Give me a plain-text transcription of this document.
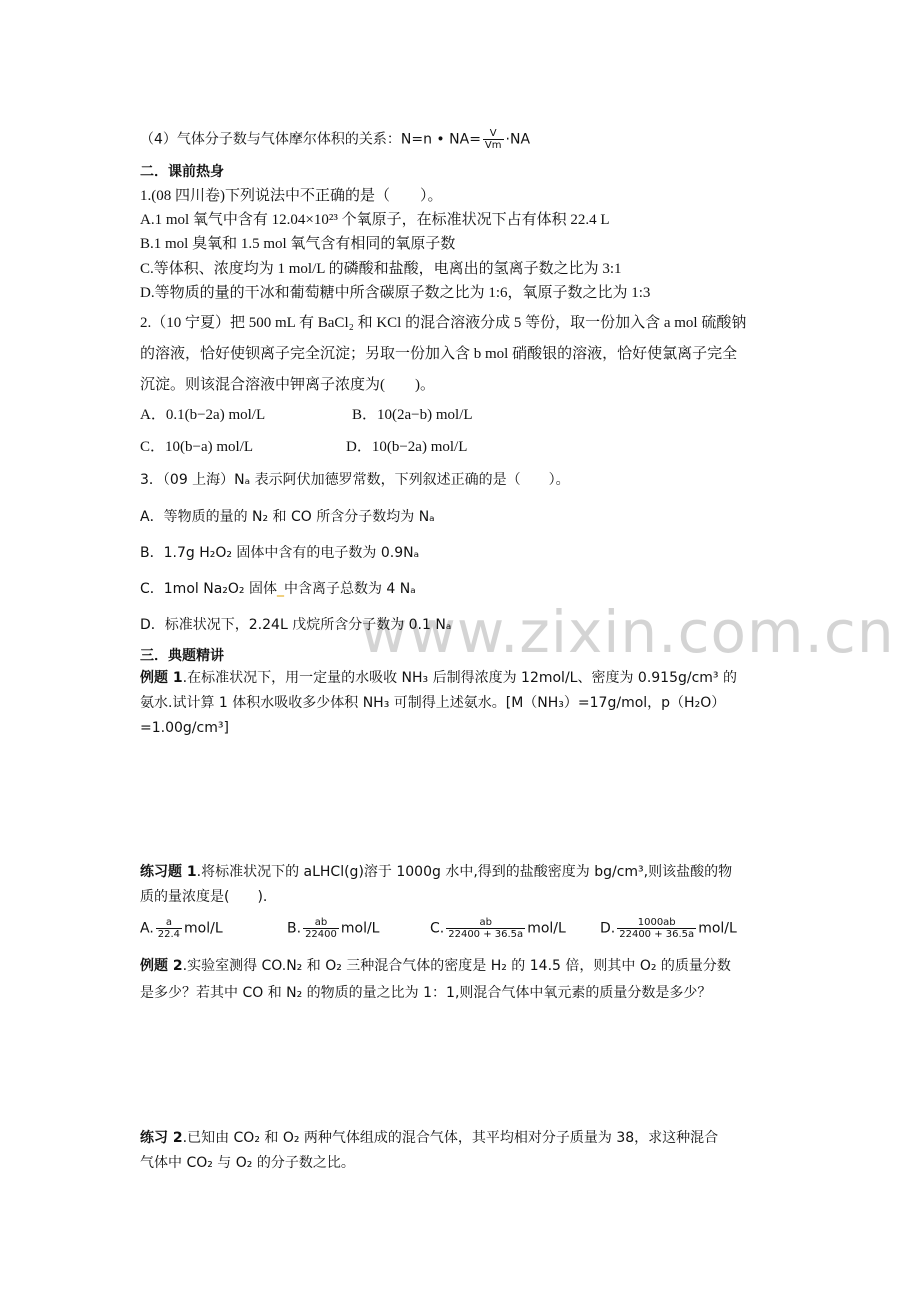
www.zixin.com.cn
（4）气体分子数与气体摩尔体积的关系：N=n • $NA= \frac{V}{Vm} \cdot NA$
二．课前热身
1.(08 四川卷)下列说法中不正确的是（　　）。
A.1 mol 氧气中含有 12.04×10²³ 个氧原子，在标准状况下占有体积 22.4 L
B.1 mol 臭氧和 1.5 mol 氧气含有相同的氧原子数
C.等体积、浓度均为 1 mol/L 的磷酸和盐酸，电离出的氢离子数之比为 3:1
D.等物质的量的干冰和葡萄糖中所含碳原子数之比为 1:6，氧原子数之比为 1:3
2.（10 宁夏）把 500 mL 有 BaCl₂ 和 KCl 的混合溶液分成 5 等份，取一份加入含 a mol 硫酸钠
的溶液，恰好使钡离子完全沉淀；另取一份加入含 b mol 硝酸银的溶液，恰好使氯离子完全
沉淀。则该混合溶液中钾离子浓度为(　　)。
A．0.1(b−2a) mol/L	B．10(2a−b) mol/L
C．10(b−a) mol/L	D．10(b−2a) mol/L
3．（09 上海）Nₐ 表示阿伏加德罗常数，下列叙述正确的是（　　）。
A．等物质的量的 N₂ 和 CO 所含分子数均为 Nₐ
B．1.7g H₂O₂ 固体中含有的电子数为 0.9Nₐ
C．1mol Na₂O₂ 固体_中含离子总数为 4 Nₐ
D．标准状况下，2.24L 戊烷所含分子数为 0.1 Nₐ
三．典题精讲
例题 1.在标准状况下，用一定量的水吸收 NH₃ 后制得浓度为 12mol/L、密度为 0.915g/cm³ 的
氨水.试计算 1 体积水吸收多少体积 NH₃ 可制得上述氨水。[M（NH₃）=17g/mol，p（H₂O）
=1.00g/cm³]
练习题 1.将标准状况下的 aLHCl(g)溶于 1000g 水中,得到的盐酸密度为 bg/cm³,则该盐酸的物
质的量浓度是(　　).
A. $\frac{a}{22.4} mol/L$	B. $\frac{ab}{22400} mol/L$	C. $\frac{ab}{22400 + 36.5a} mol/L$ D. $\frac{1000ab}{22400 + 36.5a} mol/L$
例题 2.实验室测得 CO.N₂ 和 O₂ 三种混合气体的密度是 H₂ 的 14.5 倍，则其中 O₂ 的质量分数
是多少？若其中 CO 和 N₂ 的物质的量之比为 1：1,则混合气体中氧元素的质量分数是多少？
练习 2.已知由 CO₂ 和 O₂ 两种气体组成的混合气体，其平均相对分子质量为 38，求这种混合
气体中 CO₂ 与 O₂ 的分子数之比。
